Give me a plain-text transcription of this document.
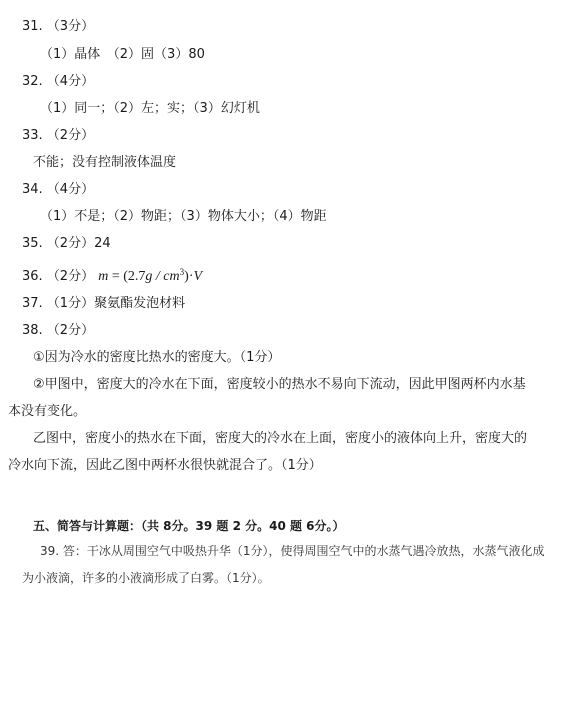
31. （3分）
（1）晶体　（2）固（3）80
32. （4分）
（1）同一；（2）左；实；（3）幻灯机
33. （2分）
不能；没有控制液体温度
34. （4分）
（1）不是；（2）物距；（3）物体大小；（4）物距
35. （2分）24
36. （2分） $m = (2.7g / cm^3)\cdot V$
37. （1分）聚氨酯发泡材料
38. （2分）
①因为冷水的密度比热水的密度大。（1分）
②甲图中，密度大的冷水在下面，密度较小的热水不易向下流动，因此甲图两杯内水基
本没有变化。
乙图中，密度小的热水在下面，密度大的冷水在上面，密度小的液体向上升，密度大的
冷水向下流，因此乙图中两杯水很快就混合了。（1分）
五、简答与计算题：（共 8分。39 题 2 分。40 题 6分。）
39. 答：干冰从周围空气中吸热升华（1分），使得周围空气中的水蒸气遇冷放热，水蒸气液化成
为小液滴，许多的小液滴形成了白雾。（1分）。
